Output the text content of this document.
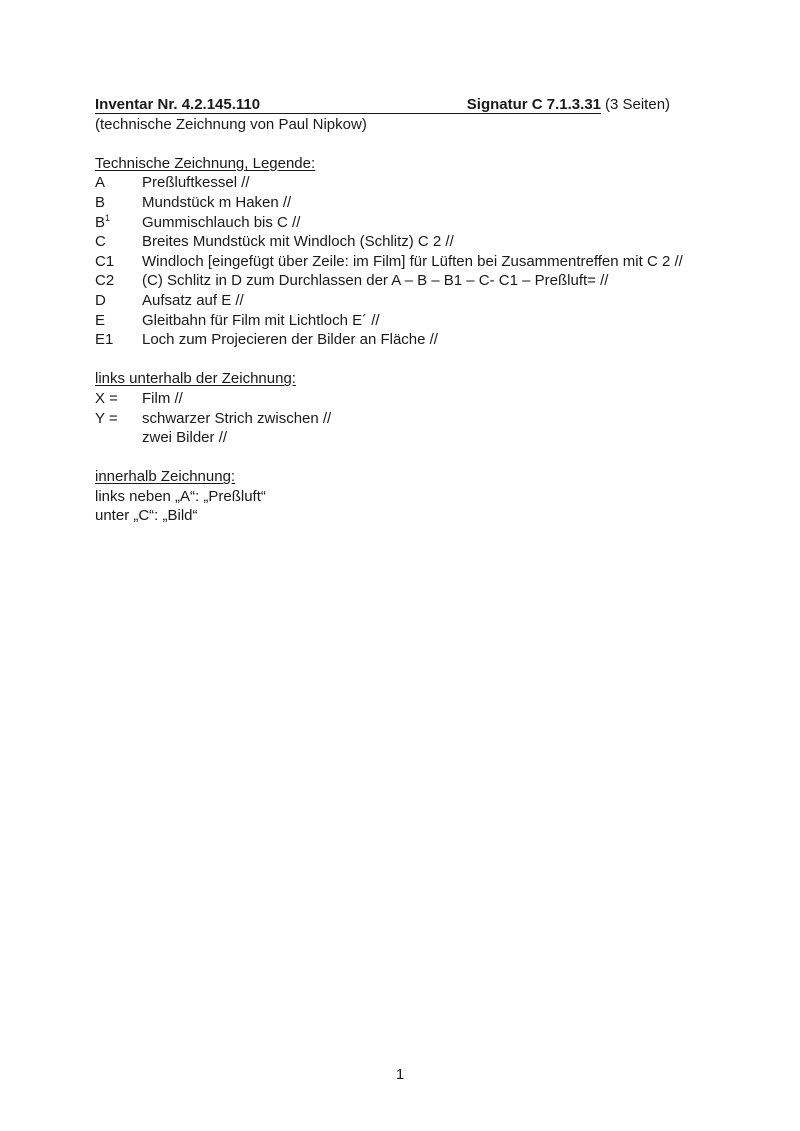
Inventar Nr. 4.2.145.110	Signatur C 7.1.3.31 (3 Seiten)
(technische Zeichnung von Paul Nipkow)
Technische Zeichnung, Legende:
A	Preßluftkessel //
B	Mundstück m Haken //
$B^1$	Gummischlauch bis C //
C	Breites Mundstück mit Windloch (Schlitz) C 2 //
C1	Windloch [eingefügt über Zeile: im Film] für Lüften bei Zusammentreffen mit C 2 //
C2	(C) Schlitz in D zum Durchlassen der A – B – B1 – C- C1 – Preßluft= //
D	Aufsatz auf E //
E	Gleitbahn für Film mit Lichtloch E´ //
E1	Loch zum Projecieren der Bilder an Fläche //
links unterhalb der Zeichnung:
X =	Film //
Y =	schwarzer Strich zwischen //
zwei Bilder //
innerhalb Zeichnung:
links neben „A“: „Preßluft“
unter „C“: „Bild“
1
